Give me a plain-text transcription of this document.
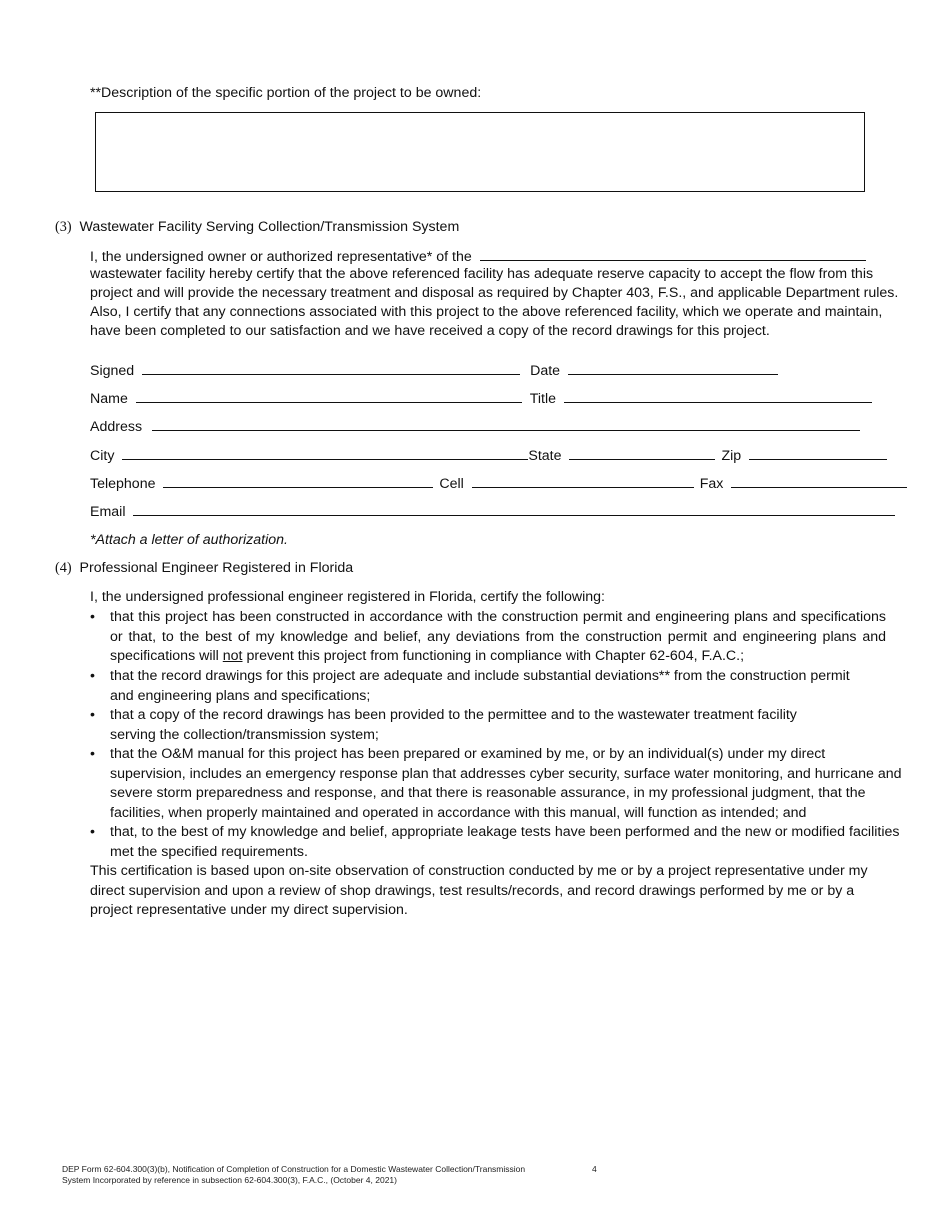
**Description of the specific portion of the project to be owned:
(3) Wastewater Facility Serving Collection/Transmission System
I, the undersigned owner or authorized representative* of the
wastewater facility hereby certify that the above referenced facility has adequate reserve capacity to accept the flow from this
project and will provide the necessary treatment and disposal as required by Chapter 403, F.S., and applicable Department rules.
Also, I certify that any connections associated with this project to the above referenced facility, which we operate and maintain,
have been completed to our satisfaction and we have received a copy of the record drawings for this project.
Signed	Date
Name	Title
Address
City	State	Zip
Telephone	Cell	Fax
Email
*Attach a letter of authorization.
(4) Professional Engineer Registered in Florida
I, the undersigned professional engineer registered in Florida, certify the following:
•	that this project has been constructed in accordance with the construction permit and engineering plans and specifications or that, to the best of my knowledge and belief, any deviations from the construction permit and engineering plans and specifications will not prevent this project from functioning in compliance with Chapter 62-604, F.A.C.;
• that the record drawings for this project are adequate and include substantial deviations** from the construction permit
and engineering plans and specifications;
• that a copy of the record drawings has been provided to the permittee and to the wastewater treatment facility
serving the collection/transmission system;
• that the O&M manual for this project has been prepared or examined by me, or by an individual(s) under my direct
supervision, includes an emergency response plan that addresses cyber security, surface water monitoring, and hurricane and
severe storm preparedness and response, and that there is reasonable assurance, in my professional judgment, that the
facilities, when properly maintained and operated in accordance with this manual, will function as intended; and
• that, to the best of my knowledge and belief, appropriate leakage tests have been performed and the new or modified facilities
met the specified requirements.
This certification is based upon on-site observation of construction conducted by me or by a project representative under my
direct supervision and upon a review of shop drawings, test results/records, and record drawings performed by me or by a
project representative under my direct supervision.
DEP Form 62-604.300(3)(b), Notification of Completion of Construction for a Domestic Wastewater Collection/Transmission
System Incorporated by reference in subsection 62-604.300(3), F.A.C., (October 4, 2021)
4
